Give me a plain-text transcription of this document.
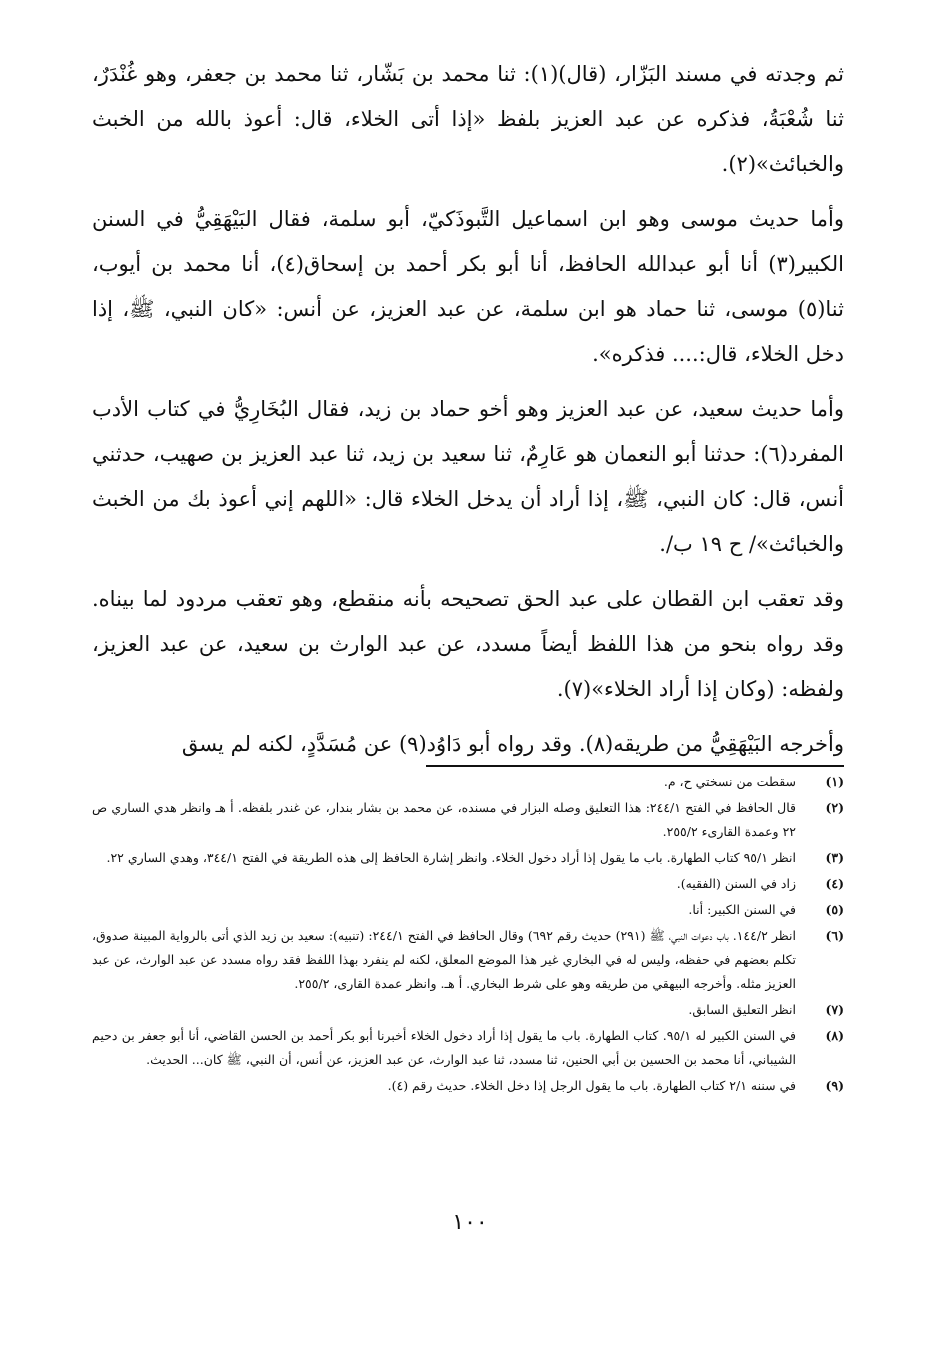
ثم وجدته في مسند البَزّار، (قال)(١): ثنا محمد بن بَشّار، ثنا محمد بن جعفر، وهو غُنْدَرٌ، ثنا شُعْبَةُ، فذكره عن عبد العزيز بلفظ «إذا أتى الخلاء، قال: أعوذ بالله من الخبث والخبائث»(٢).

وأما حديث موسى وهو ابن اسماعيل التَّبوذَكيّ، أبو سلمة، فقال البَيْهَقِيُّ في السنن الكبير(٣) أنا أبو عبدالله الحافظ، أنا أبو بكر أحمد بن إسحاق(٤)، أنا محمد بن أيوب، ثنا(٥) موسى، ثنا حماد هو ابن سلمة، عن عبد العزيز، عن أنس: «كان النبي، ﷺ، إذا دخل الخلاء، قال:.... فذكره».

وأما حديث سعيد، عن عبد العزيز وهو أخو حماد بن زيد، فقال البُخَارِيُّ في كتاب الأدب المفرد(٦): حدثنا أبو النعمان هو عَارِمٌ، ثنا سعيد بن زيد، ثنا عبد العزيز بن صهيب، حدثني أنس، قال: كان النبي، ﷺ، إذا أراد أن يدخل الخلاء قال: «اللهم إني أعوذ بك من الخبث والخبائث»/ ح ١٩ ب/.

وقد تعقب ابن القطان على عبد الحق تصحيحه بأنه منقطع، وهو تعقب مردود لما بيناه. وقد رواه بنحو من هذا اللفظ أيضاً مسدد، عن عبد الوارث بن سعيد، عن عبد العزيز، ولفظه: (وكان إذا أراد الخلاء»(٧).

وأخرجه البَيْهَقِيُّ من طريقه(٨). وقد رواه أبو دَاوُد(٩) عن مُسَدَّدٍ، لكنه لم يسق

(١)
سقطت من نسختي ح، م.
(٢)
قال الحافظ في الفتح ٢٤٤/١: هذا التعليق وصله البزار في مسنده، عن محمد بن بشار بندار، عن غندر بلفظه. أ هـ وانظر هدي الساري ص ٢٢ وعمدة القارىء ٢٥٥/٢.
(٣)
انظر ٩٥/١ كتاب الطهارة. باب ما يقول إذا أراد دخول الخلاء. وانظر إشارة الحافظ إلى هذه الطريقة في الفتح ٣٤٤/١، وهدي الساري ٢٢.
(٤)
زاد في السنن (الفقيه).
(٥)
في السنن الكبير: أنا.
(٦)
انظر ١٤٤/٢. باب دعوات النبي، ﷺ (٢٩١) حديث رقم ٦٩٢) وقال الحافظ في الفتح ٢٤٤/١: (تنبيه): سعيد بن زيد الذي أتى بالرواية المبينة صدوق، تكلم بعضهم في حفظه، وليس له في البخاري غير هذا الموضع المعلق، لكنه لم ينفرد بهذا اللفظ فقد رواه مسدد عن عبد الوارث، عن عبد العزيز مثله. وأخرجه البيهقي من طريقه وهو على شرط البخاري. أ هـ. وانظر عمدة القارى، ٢٥٥/٢.
(٧)
انظر التعليق السابق.
(٨)
في السنن الكبير له ٩٥/١. كتاب الطهارة. باب ما يقول إذا أراد دخول الخلاء أخبرنا أبو بكر أحمد بن الحسن القاضي، أنا أبو جعفر بن دحيم الشيباني، أنا محمد بن الحسين بن أبي الحنين، ثنا مسدد، ثنا عبد الوارث، عن عبد العزيز، عن أنس، أن النبي، ﷺ كان... الحديث.
(٩)
في سننه ٢/١ كتاب الطهارة. باب ما يقول الرجل إذا دخل الخلاء. حديث رقم (٤).
١٠٠
